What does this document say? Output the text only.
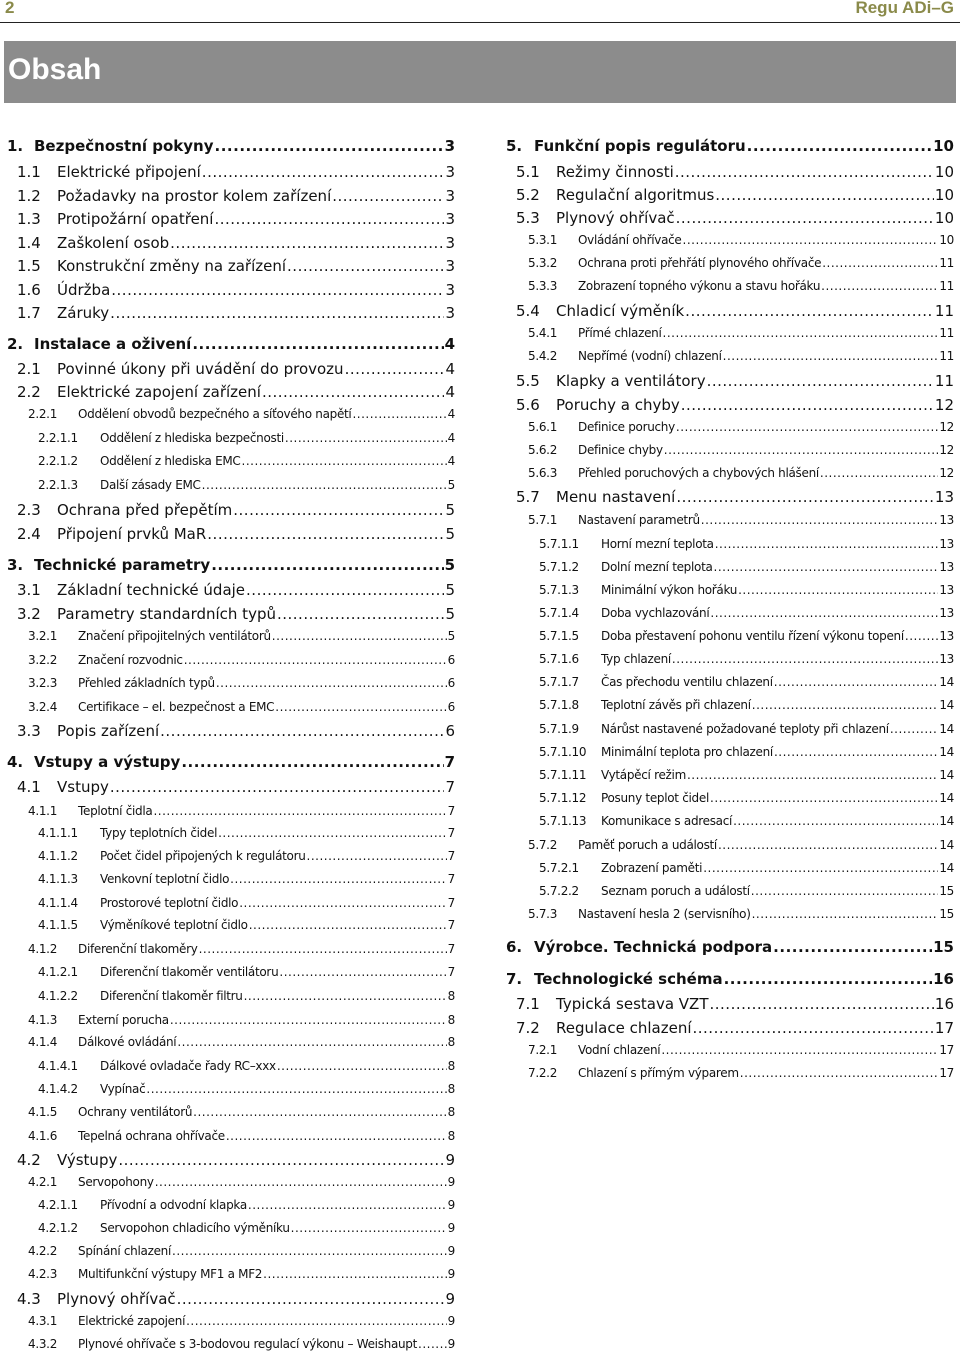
2	Regu ADi–G
Obsah
1. Bezpečnostní pokyny .....	3
1.1	Elektrické připojení .....	3
1.2	Požadavky na prostor kolem zařízení .....	3
1.3	Protipožární opatření .....	3
1.4	Zaškolení osob .....	3
1.5	Konstrukční změny na zařízení .....	3
1.6	Údržba .....	3
1.7	Záruky .....	3
2. Instalace a oživení .....	4
2.1	Povinné úkony při uvádění do provozu .....	4
2.2	Elektrické zapojení zařízení .....	4
2.2.1	Oddělení obvodů bezpečného a síťového napětí .....	4
2.2.1.1	Oddělení z hlediska bezpečnosti .....	4
2.2.1.2	Oddělení z hlediska EMC .....	4
2.2.1.3	Další zásady EMC .....	5
2.3	Ochrana před přepětím .....	5
2.4	Připojení prvků MaR .....	5
3. Technické parametry .....	5
3.1	Základní technické údaje .....	5
3.2	Parametry standardních typů .....	5
3.2.1	Značení připojitelných ventilátorů .....	5
3.2.2	Značení rozvodnic .....	6
3.2.3	Přehled základních typů .....	6
3.2.4	Certifikace – el. bezpečnost a EMC .....	6
3.3	Popis zařízení .....	6
4. Vstupy a výstupy .....	7
4.1	Vstupy .....	7
4.1.1	Teplotní čidla .....	7
4.1.1.1	Typy teplotních čidel .....	7
4.1.1.2	Počet čidel připojených k regulátoru .....	7
4.1.1.3	Venkovní teplotní čidlo .....	7
4.1.1.4	Prostorové teplotní čidlo .....	7
4.1.1.5	Výměníkové teplotní čidlo .....	7
4.1.2	Diferenční tlakoměry .....	7
4.1.2.1	Diferenční tlakoměr ventilátoru .....	7
4.1.2.2	Diferenční tlakoměr filtru .....	8
4.1.3	Externí porucha .....	8
4.1.4	Dálkové ovládání .....	8
4.1.4.1	Dálkové ovladače řady RC–xxx .....	8
4.1.4.2	Vypínač .....	8
4.1.5	Ochrany ventilátorů .....	8
4.1.6	Tepelná ochrana ohřívače .....	8
4.2	Výstupy .....	9
4.2.1	Servopohony .....	9
4.2.1.1	Přívodní a odvodní klapka .....	9
4.2.1.2	Servopohon chladicího výměníku .....	9
4.2.2	Spínání chlazení .....	9
4.2.3	Multifunkční výstupy MF1 a MF2 .....	9
4.3	Plynový ohřívač .....	9
4.3.1	Elektrické zapojení .....	9
4.3.2	Plynové ohřívače s 3-bodovou regulací výkonu – Weishaupt .....	9
5. Funkční popis regulátoru .....	10
5.1	Režimy činnosti .....	10
5.2	Regulační algoritmus .....	10
5.3	Plynový ohřívač .....	10
5.3.1	Ovládání ohřívače .....	10
5.3.2	Ochrana proti přehřátí plynového ohřívače .....	11
5.3.3	Zobrazení topného výkonu a stavu hořáku .....	11
5.4	Chladicí výměník .....	11
5.4.1	Přímé chlazení .....	11
5.4.2	Nepřímé (vodní) chlazení .....	11
5.5	Klapky a ventilátory .....	11
5.6	Poruchy a chyby .....	12
5.6.1	Definice poruchy .....	12
5.6.2	Definice chyby .....	12
5.6.3	Přehled poruchových a chybových hlášení .....	12
5.7	Menu nastavení .....	13
5.7.1	Nastavení parametrů .....	13
5.7.1.1	Horní mezní teplota .....	13
5.7.1.2	Dolní mezní teplota .....	13
5.7.1.3	Minimální výkon hořáku .....	13
5.7.1.4	Doba vychlazování .....	13
5.7.1.5	Doba přestavení pohonu ventilu řízení výkonu topení .....	13
5.7.1.6	Typ chlazení .....	13
5.7.1.7	Čas přechodu ventilu chlazení .....	14
5.7.1.8	Teplotní závěs při chlazení .....	14
5.7.1.9	Nárůst nastavené požadované teploty při chlazení .....	14
5.7.1.10	Minimální teplota pro chlazení .....	14
5.7.1.11	Vytápěcí režim .....	14
5.7.1.12	Posuny teplot čidel .....	14
5.7.1.13	Komunikace s adresací .....	14
5.7.2	Paměť poruch a událostí .....	14
5.7.2.1	Zobrazení paměti .....	14
5.7.2.2	Seznam poruch a událostí .....	15
5.7.3	Nastavení hesla 2 (servisního) .....	15
6. Výrobce. Technická podpora .....	15
7. Technologické schéma .....	16
7.1	Typická sestava VZT .....	16
7.2	Regulace chlazení .....	17
7.2.1	Vodní chlazení .....	17
7.2.2	Chlazení s přímým výparem .....	17
